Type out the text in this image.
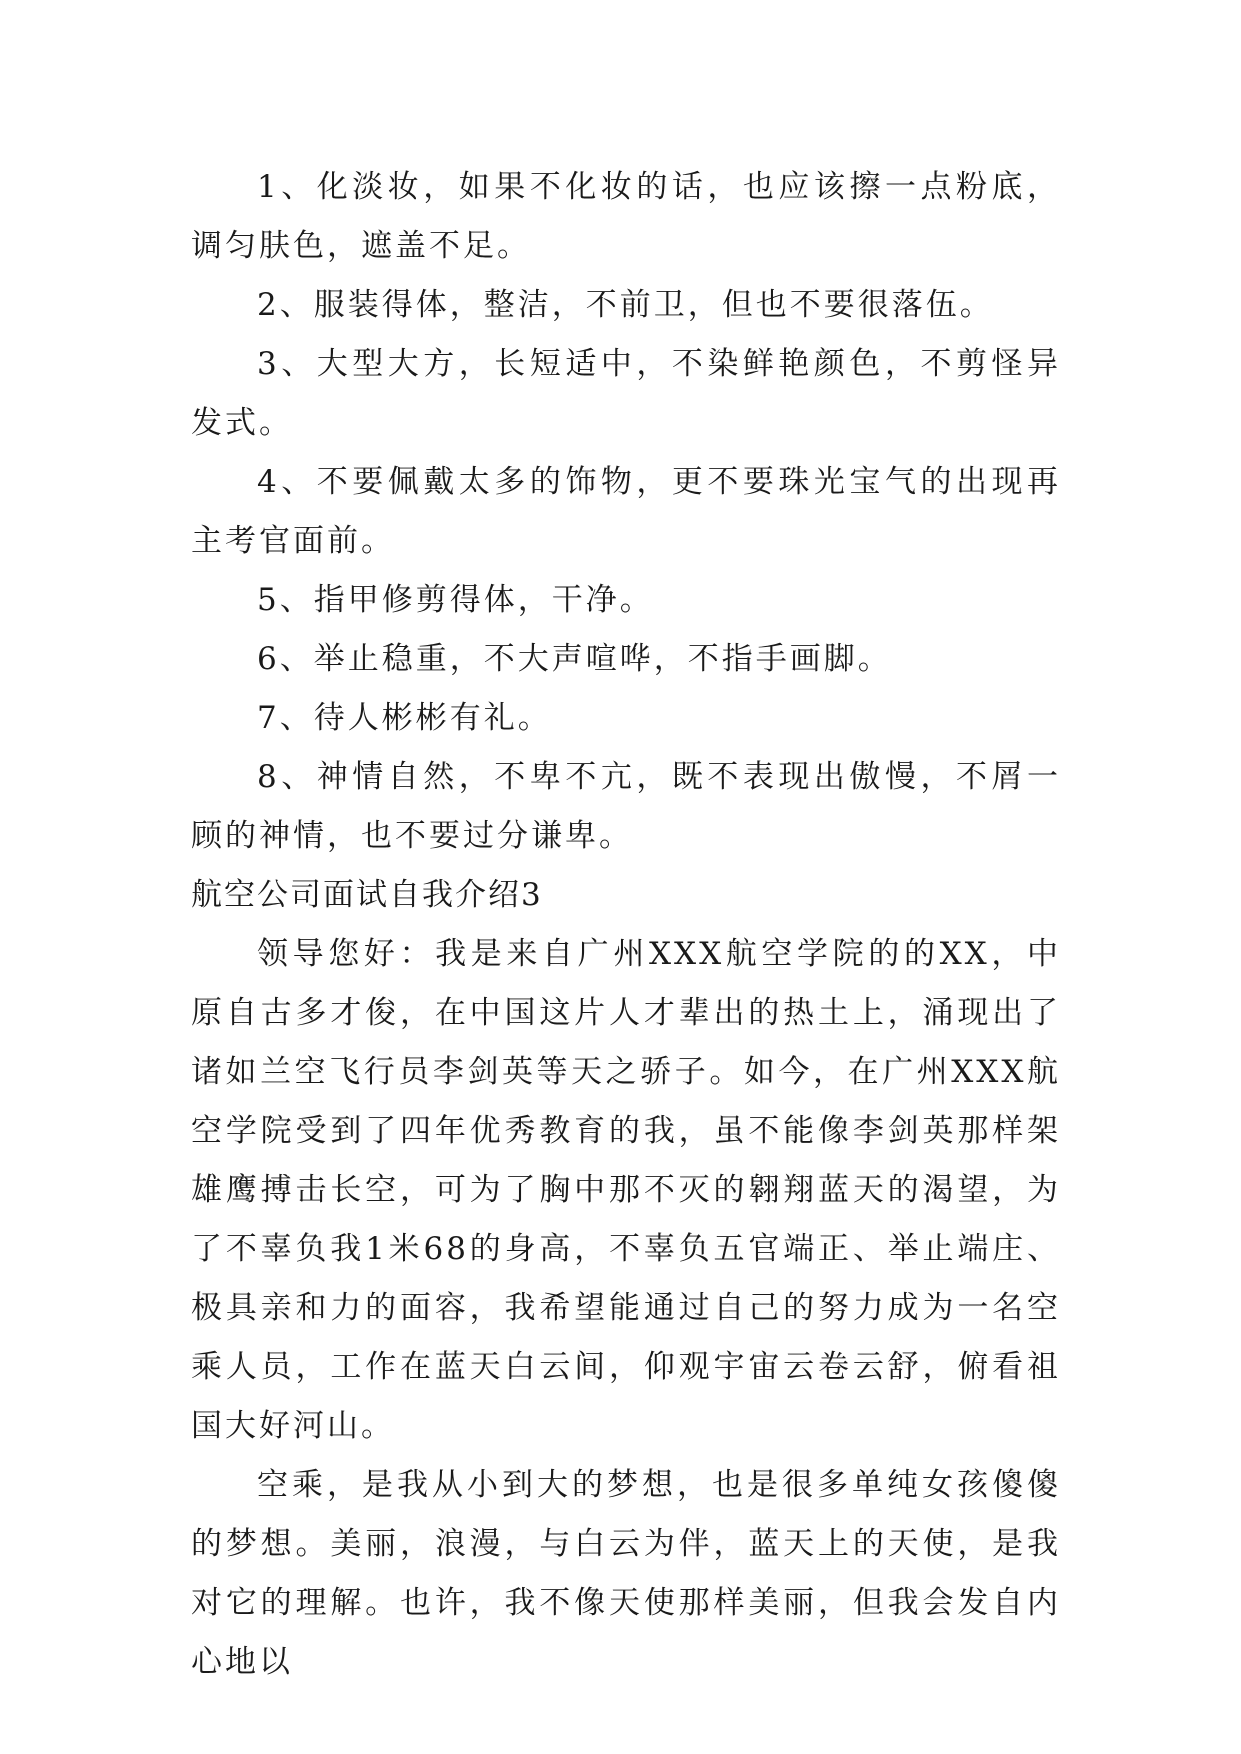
1、化淡妆，如果不化妆的话，也应该擦一点粉底，调匀肤色，遮盖不足。

2、服装得体，整洁，不前卫，但也不要很落伍。

3、大型大方，长短适中，不染鲜艳颜色，不剪怪异发式。

4、不要佩戴太多的饰物，更不要珠光宝气的出现再主考官面前。

5、指甲修剪得体，干净。

6、举止稳重，不大声喧哗，不指手画脚。

7、待人彬彬有礼。

8、神情自然，不卑不亢，既不表现出傲慢，不屑一顾的神情，也不要过分谦卑。

航空公司面试自我介绍3

领导您好：我是来自广州XXX航空学院的的XX，中原自古多才俊，在中国这片人才辈出的热土上，涌现出了诸如兰空飞行员李剑英等天之骄子。如今，在广州XXX航空学院受到了四年优秀教育的我，虽不能像李剑英那样架雄鹰搏击长空，可为了胸中那不灭的翱翔蓝天的渴望，为了不辜负我1米68的身高，不辜负五官端正、举止端庄、极具亲和力的面容，我希望能通过自己的努力成为一名空乘人员，工作在蓝天白云间，仰观宇宙云卷云舒，俯看祖国大好河山。

空乘，是我从小到大的梦想，也是很多单纯女孩傻傻的梦想。美丽，浪漫，与白云为伴，蓝天上的天使，是我对它的理解。也许，我不像天使那样美丽，但我会发自内心地以
